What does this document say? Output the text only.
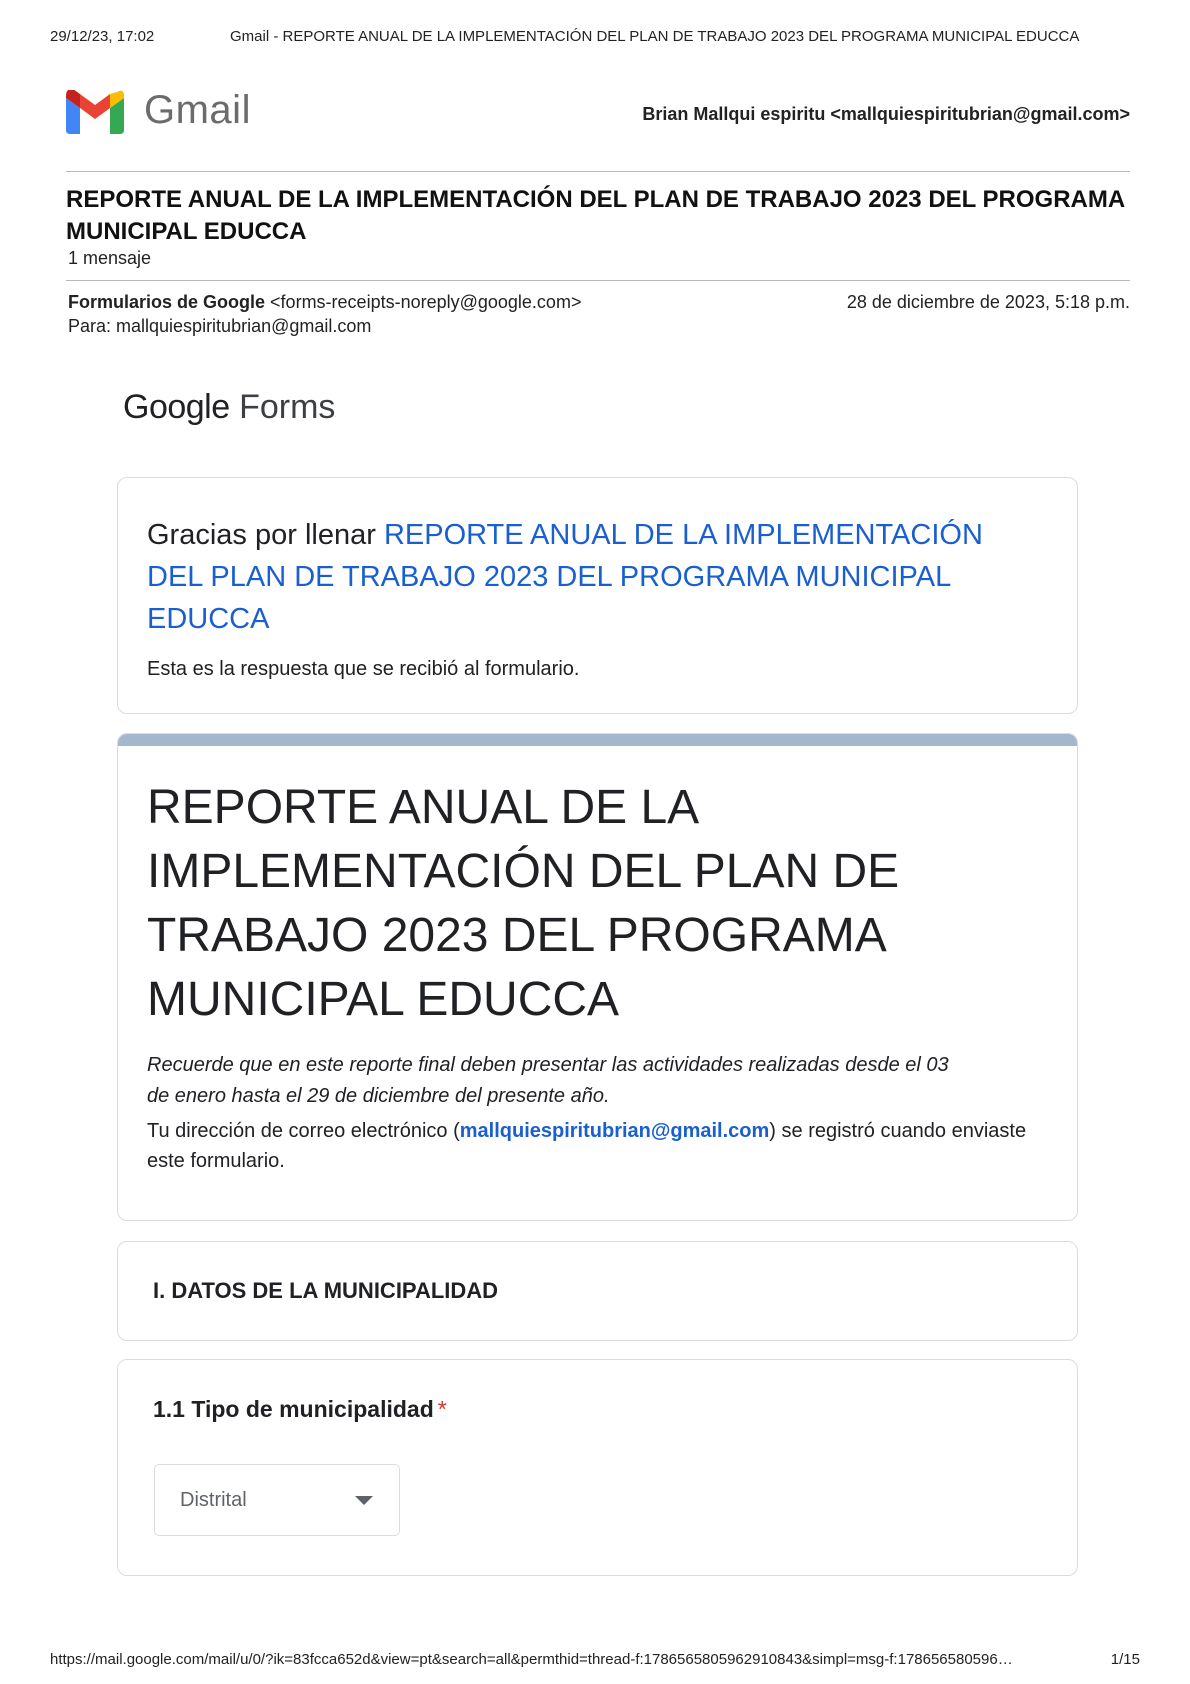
29/12/23, 17:02	Gmail - REPORTE ANUAL DE LA IMPLEMENTACIÓN DEL PLAN DE TRABAJO 2023 DEL PROGRAMA MUNICIPAL EDUCCA
Gmail	Brian Mallqui espiritu <mallquiespiritubrian@gmail.com>
REPORTE ANUAL DE LA IMPLEMENTACIÓN DEL PLAN DE TRABAJO 2023 DEL PROGRAMA MUNICIPAL EDUCCA
1 mensaje
Formularios de Google <forms-receipts-noreply@google.com>
Para: mallquiespiritubrian@gmail.com
28 de diciembre de 2023, 5:18 p.m.
Google Forms
Gracias por llenar REPORTE ANUAL DE LA IMPLEMENTACIÓN DEL PLAN DE TRABAJO 2023 DEL PROGRAMA MUNICIPAL EDUCCA
Esta es la respuesta que se recibió al formulario.
REPORTE ANUAL DE LA IMPLEMENTACIÓN DEL PLAN DE TRABAJO 2023 DEL PROGRAMA MUNICIPAL EDUCCA
Recuerde que en este reporte final deben presentar las actividades realizadas desde el 03 de enero hasta el 29 de diciembre del presente año.
Tu dirección de correo electrónico (mallquiespiritubrian@gmail.com) se registró cuando enviaste este formulario.
I. DATOS DE LA MUNICIPALIDAD
1.1 Tipo de municipalidad *
Distrital
https://mail.google.com/mail/u/0/?ik=83fcca652d&view=pt&search=all&permthid=thread-f:1786565805962910843&simpl=msg-f:178656580596…	1/15
